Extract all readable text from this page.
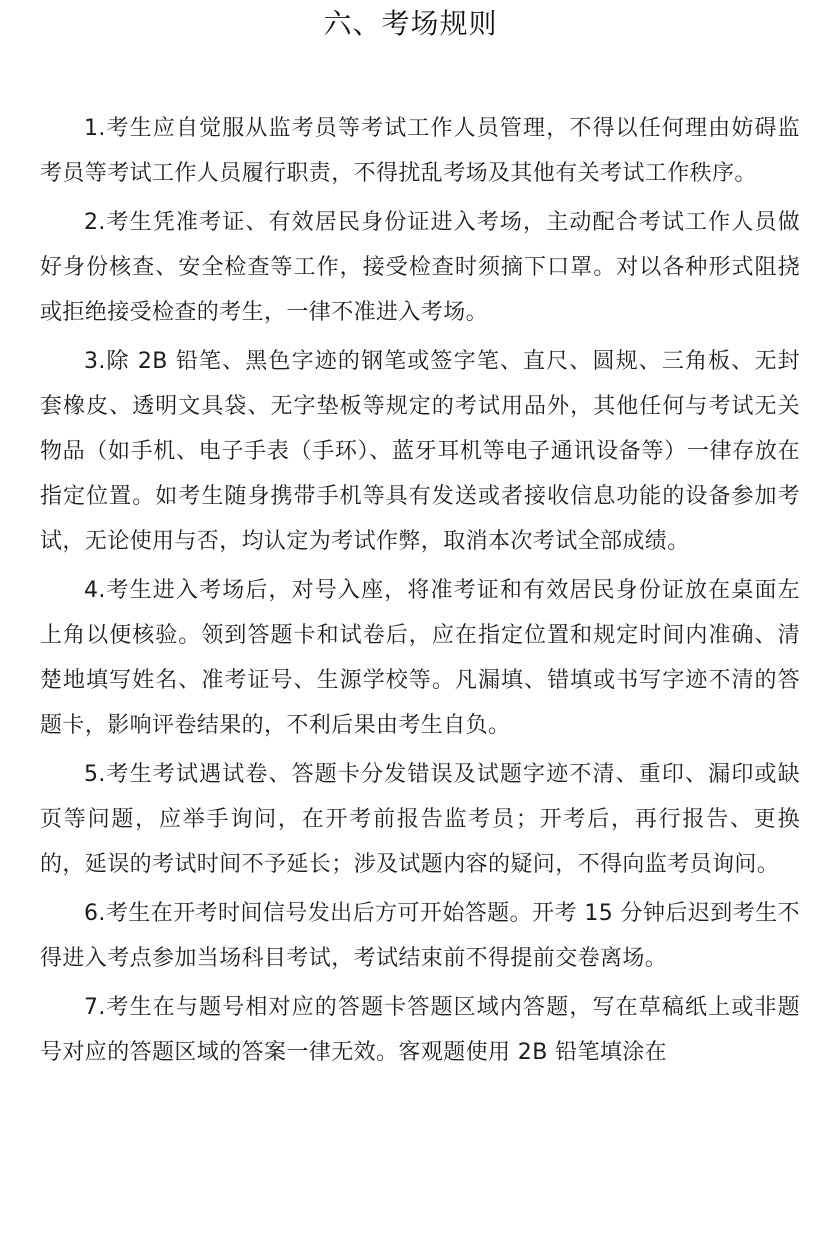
六、考场规则

1.考生应自觉服从监考员等考试工作人员管理，不得以任何理由妨碍监考员等考试工作人员履行职责，不得扰乱考场及其他有关考试工作秩序。

2.考生凭准考证、有效居民身份证进入考场，主动配合考试工作人员做好身份核查、安全检查等工作，接受检查时须摘下口罩。对以各种形式阻挠或拒绝接受检查的考生，一律不准进入考场。

3.除 2B 铅笔、黑色字迹的钢笔或签字笔、直尺、圆规、三角板、无封套橡皮、透明文具袋、无字垫板等规定的考试用品外，其他任何与考试无关物品（如手机、电子手表（手环）、蓝牙耳机等电子通讯设备等）一律存放在指定位置。如考生随身携带手机等具有发送或者接收信息功能的设备参加考试，无论使用与否，均认定为考试作弊，取消本次考试全部成绩。

4.考生进入考场后，对号入座，将准考证和有效居民身份证放在桌面左上角以便核验。领到答题卡和试卷后，应在指定位置和规定时间内准确、清楚地填写姓名、准考证号、生源学校等。凡漏填、错填或书写字迹不清的答题卡，影响评卷结果的，不利后果由考生自负。

5.考生考试遇试卷、答题卡分发错误及试题字迹不清、重印、漏印或缺页等问题，应举手询问，在开考前报告监考员；开考后，再行报告、更换的，延误的考试时间不予延长；涉及试题内容的疑问，不得向监考员询问。

6.考生在开考时间信号发出后方可开始答题。开考 15 分钟后迟到考生不得进入考点参加当场科目考试，考试结束前不得提前交卷离场。

7.考生在与题号相对应的答题卡答题区域内答题，写在草稿纸上或非题号对应的答题区域的答案一律无效。客观题使用 2B 铅笔填涂在
